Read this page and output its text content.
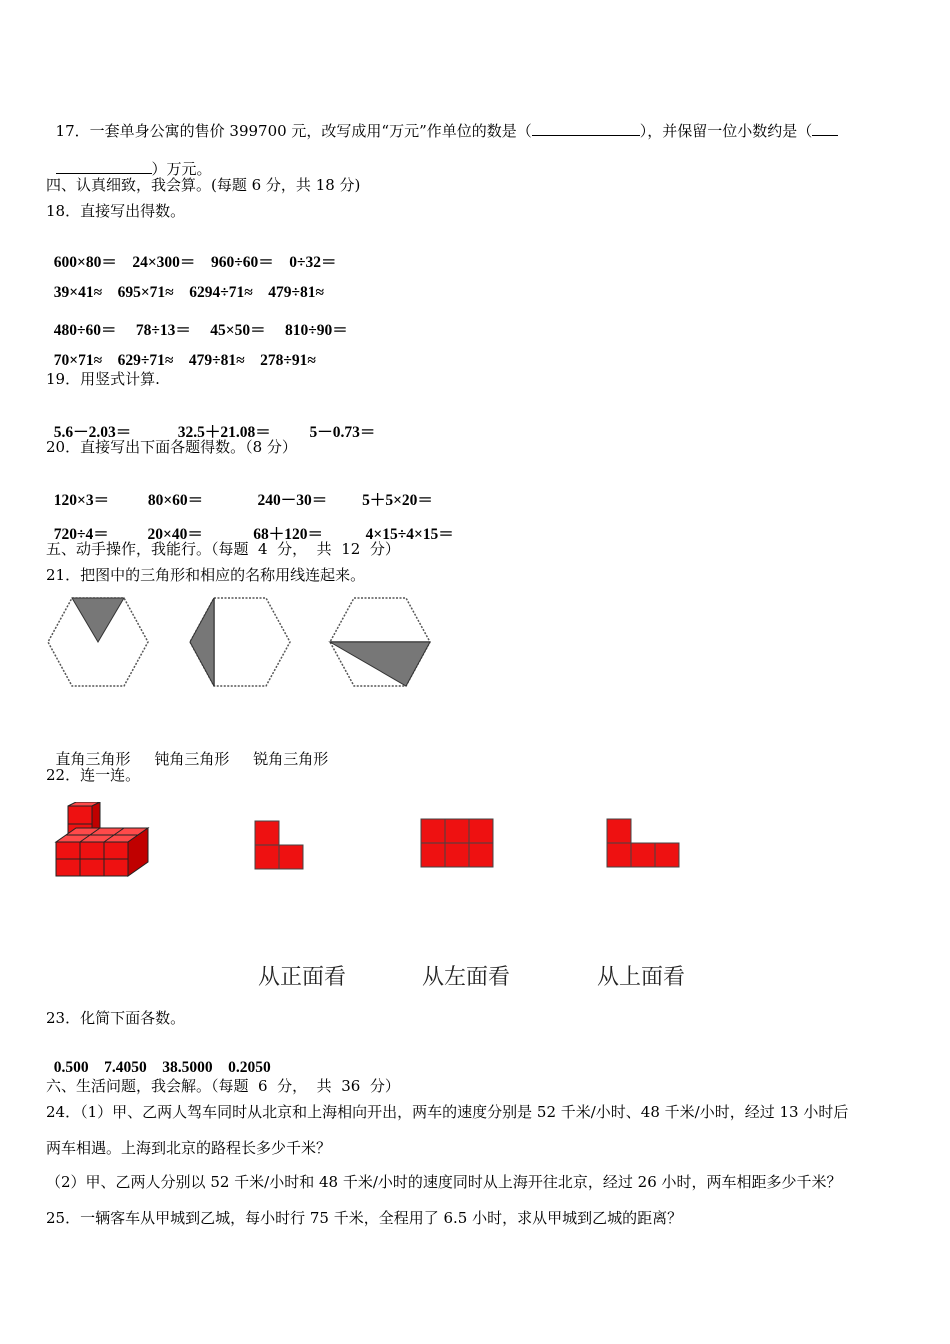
17．一套单身公寓的售价 399700 元，改写成用“万元”作单位的数是（	），并保留一位小数约是（

）万元。

四、认真细致，我会算。(每题 6 分，共 18 分)
18．直接写出得数。

600×80＝ 24×300＝ 960÷60＝ 0÷32＝

39×41≈ 695×71≈ 6294÷71≈ 479÷81≈

480÷60＝ 78÷13＝ 45×50＝ 810÷90＝

70×71≈ 629÷71≈ 479÷81≈ 278÷91≈

19．用竖式计算.

5.6－2.03＝	32.5＋21.08＝	5－0.73＝

20．直接写出下面各题得数。（8 分）

120×3＝	80×60＝	240－30＝ 5＋5×20＝

720÷4＝	20×40＝	68＋120＝	4×15÷4×15＝

五、动手操作，我能行。（每题  4  分，  共  12  分）
21．把图中的三角形和相应的名称用线连起来。

直角三角形 钝角三角形 锐角三角形

22．连一连。
从正面看	从左面看	从上面看
23．化简下面各数。

0.500 7.4050 38.5000 0.2050

六、生活问题，我会解。（每题  6  分，  共  36  分）
24．（1）甲、乙两人驾车同时从北京和上海相向开出，两车的速度分别是 52 千米/小时、48 千米/小时，经过 13 小时后
两车相遇。上海到北京的路程长多少千米？
（2）甲、乙两人分别以 52 千米/小时和 48 千米/小时的速度同时从上海开往北京，经过 26 小时，两车相距多少千米？
25．一辆客车从甲城到乙城，每小时行 75 千米，全程用了 6.5 小时，求从甲城到乙城的距离？
